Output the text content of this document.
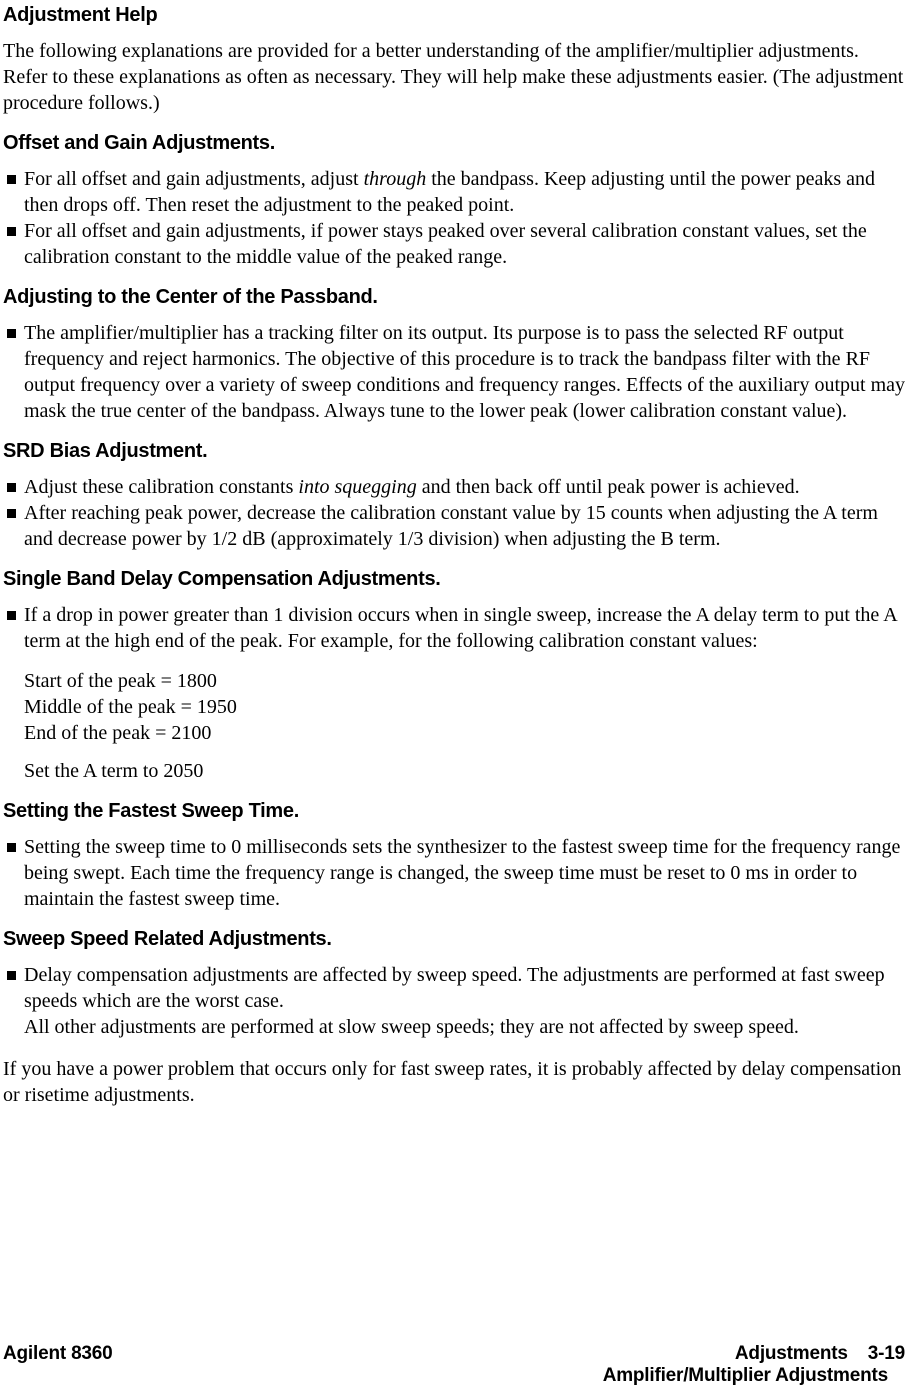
Adjustment Help

The following explanations are provided for a better understanding of the amplifier/multiplier adjustments. Refer to these explanations as often as necessary. They will help make these adjustments easier. (The adjustment procedure follows.)

Offset and Gain Adjustments.
For all offset and gain adjustments, adjust through the bandpass. Keep adjusting until the power peaks and then drops off. Then reset the adjustment to the peaked point.
For all offset and gain adjustments, if power stays peaked over several calibration constant values, set the calibration constant to the middle value of the peaked range.
Adjusting to the Center of the Passband.
The amplifier/multiplier has a tracking filter on its output. Its purpose is to pass the selected RF output frequency and reject harmonics. The objective of this procedure is to track the bandpass filter with the RF output frequency over a variety of sweep conditions and frequency ranges. Effects of the auxiliary output may mask the true center of the bandpass. Always tune to the lower peak (lower calibration constant value).
SRD Bias Adjustment.
Adjust these calibration constants into squegging and then back off until peak power is achieved.
After reaching peak power, decrease the calibration constant value by 15 counts when adjusting the A term and decrease power by 1/2 dB (approximately 1/3 division) when adjusting the B term.
Single Band Delay Compensation Adjustments.
If a drop in power greater than 1 division occurs when in single sweep, increase the A delay term to put the A term at the high end of the peak. For example, for the following calibration constant values:
Start of the peak = 1800
Middle of the peak = 1950
End of the peak = 2100
Set the A term to 2050
Setting the Fastest Sweep Time.
Setting the sweep time to 0 milliseconds sets the synthesizer to the fastest sweep time for the frequency range being swept. Each time the frequency range is changed, the sweep time must be reset to 0 ms in order to maintain the fastest sweep time.
Sweep Speed Related Adjustments.
Delay compensation adjustments are affected by sweep speed. The adjustments are performed at fast sweep speeds which are the worst case.
All other adjustments are performed at slow sweep speeds; they are not affected by sweep speed.

If you have a power problem that occurs only for fast sweep rates, it is probably affected by delay compensation or risetime adjustments.

Agilent 8360	Adjustments 3-19
Amplifier/Multiplier Adjustments
